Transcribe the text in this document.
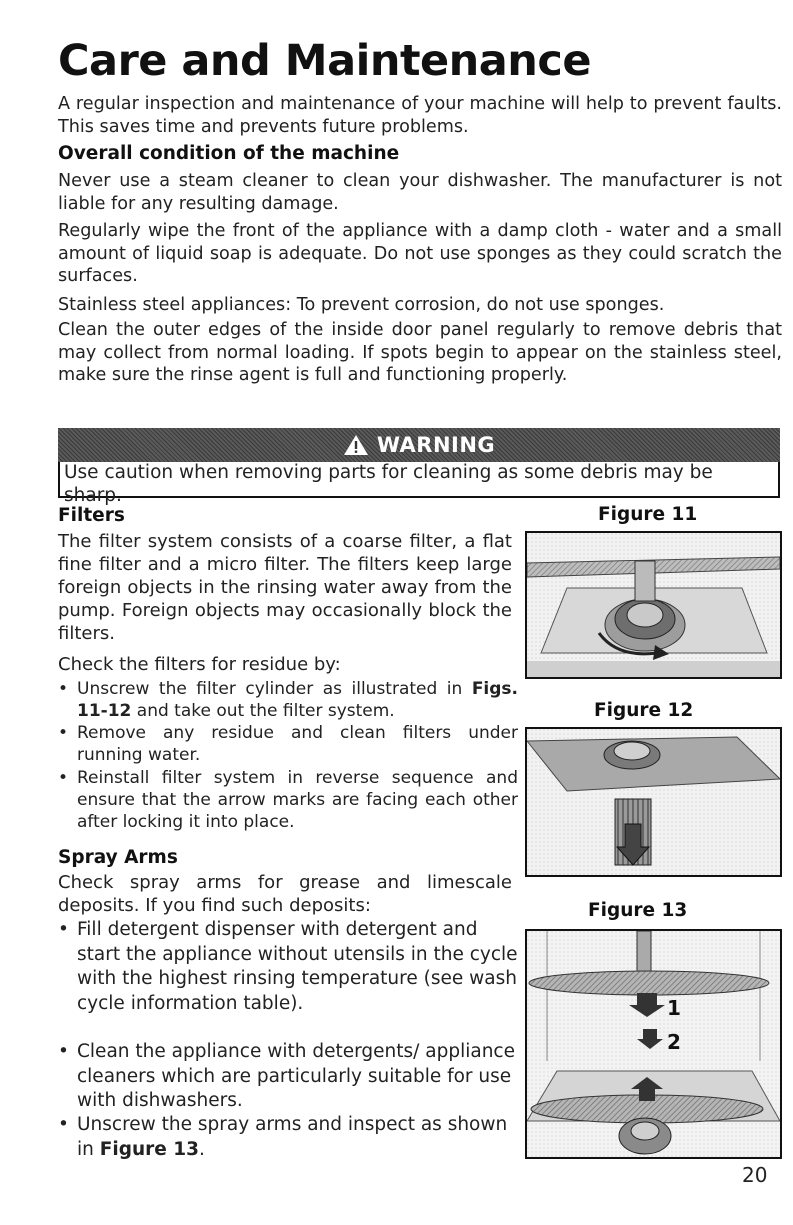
Care and Maintenance

A regular inspection and maintenance of your machine will help to prevent faults. This saves time and prevents future problems.

Overall condition of the machine

Never use a steam cleaner to clean your dishwasher. The manufacturer is not liable for any resulting damage.

Regularly wipe the front of the appliance with a damp cloth - water and a small amount of liquid soap is adequate. Do not use sponges as they could scratch the surfaces.

Stainless steel appliances: To prevent corrosion, do not use sponges.

Clean the outer edges of the inside door panel regularly to remove debris that may collect from normal loading. If spots begin to appear on the stainless steel, make sure the rinse agent is full and functioning properly.

WARNING

Use caution when removing parts for cleaning as some debris may be sharp.

Filters

The filter system consists of a coarse filter, a flat fine filter and a micro filter. The filters keep large foreign objects in the rinsing water away from the pump. Foreign objects may occasionally block the filters.

Check the filters for residue by:

• Unscrew the filter cylinder as illustrated in Figs. 11-12 and take out the filter system.
• Remove any residue and clean filters under running water.
• Reinstall filter system in reverse sequence and ensure that the arrow marks are facing each other after locking it into place.
Spray Arms

Check spray arms for grease and limescale deposits. If you find such deposits:

• Fill detergent dispenser with detergent and start the appliance without utensils in the cycle with the highest rinsing temperature (see wash cycle information table).
• Clean the appliance with detergents/ appliance cleaners which are particularly suitable for use with dishwashers.
• Unscrew the spray arms and inspect as shown in Figure 13.

Figure 11

Figure 12

Figure 13

1
2

20
